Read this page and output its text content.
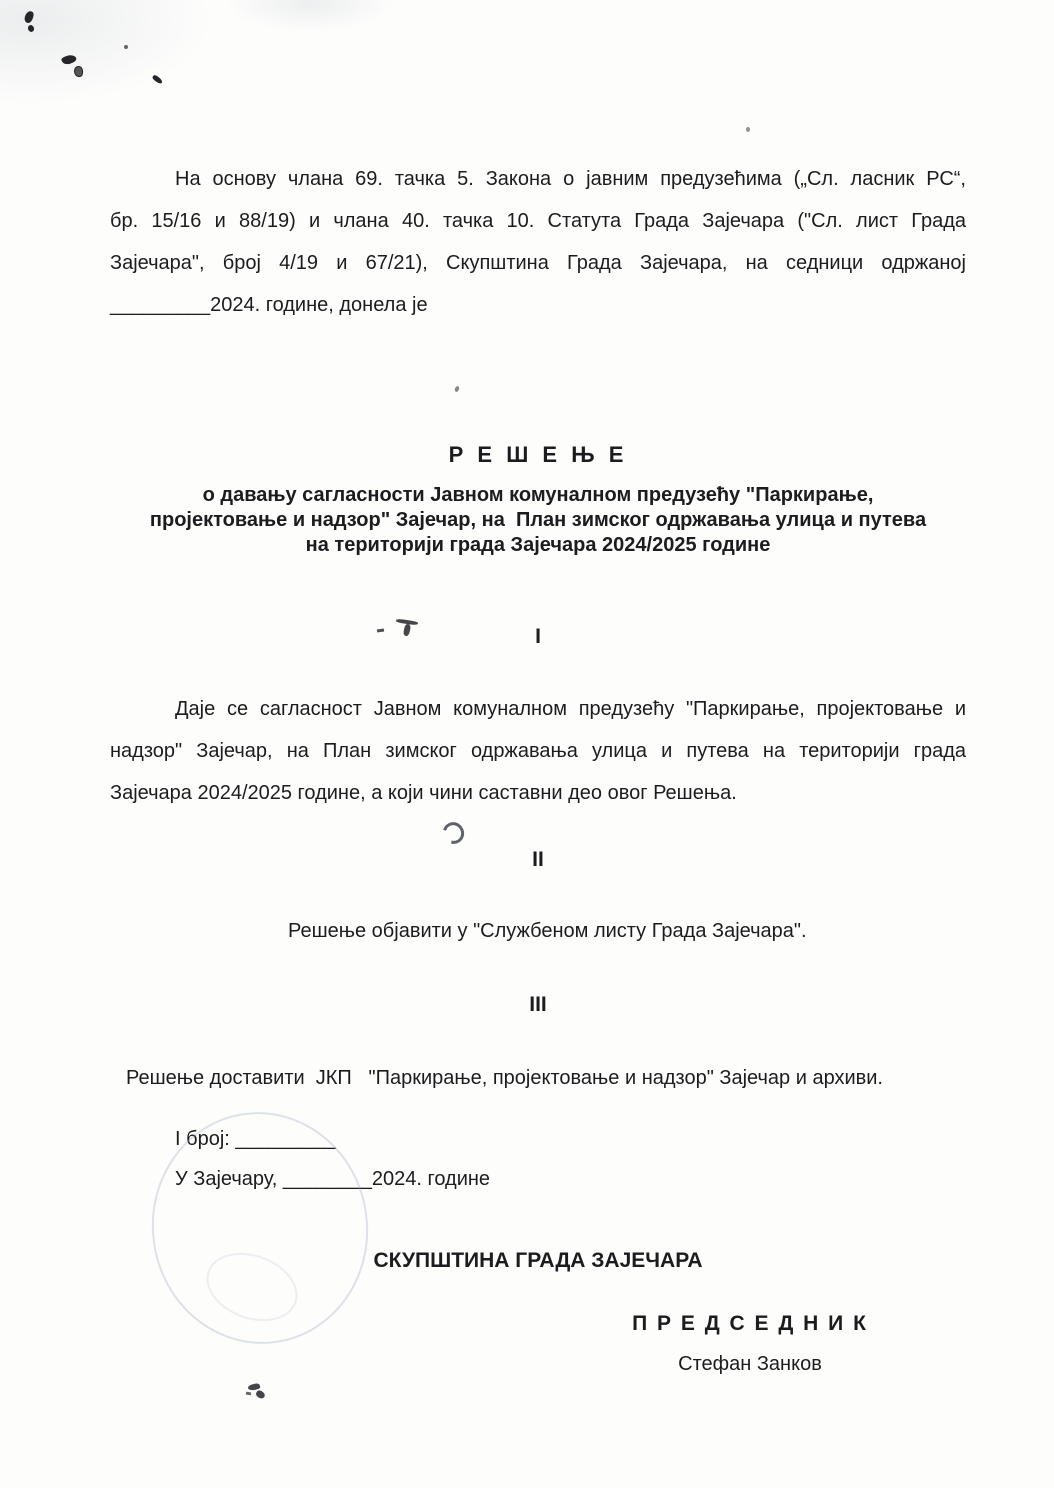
На основу члана 69. тачка 5. Закона о јавним предузећима („Сл. ласник РС“,
бр. 15/16 и 88/19) и члана 40. тачка 10. Статута Града Зајечара ("Сл. лист Града
Зајечара", број 4/19 и 67/21), Скупштина Града Зајечара, на седници одржаној
_________2024. године, донела је
Р Е Ш Е Њ Е
о давању сагласности Јавном комуналном предузећу "Паркирање,
пројектовање и надзор" Зајечар, на  План зимског одржавања улица и путева
на територији града Зајечара 2024/2025 године
I
Даје се сагласност Јавном комуналном предузећу "Паркирање, пројектовање и
надзор" Зајечар, на План зимског одржавања улица и путева на територији града
Зајечара 2024/2025 године, а који чини саставни део овог Решења.
II
Решење објавити у "Службеном листу Града Зајечара".
III
Решење доставити  ЈКП   "Паркирање, пројектовање и надзор" Зајечар и архиви.
I број: _________
У Зајечару, ________2024. године
СКУПШТИНА ГРАДА ЗАЈЕЧАРА
П Р Е Д С Е Д Н И К
Стефан Занков
